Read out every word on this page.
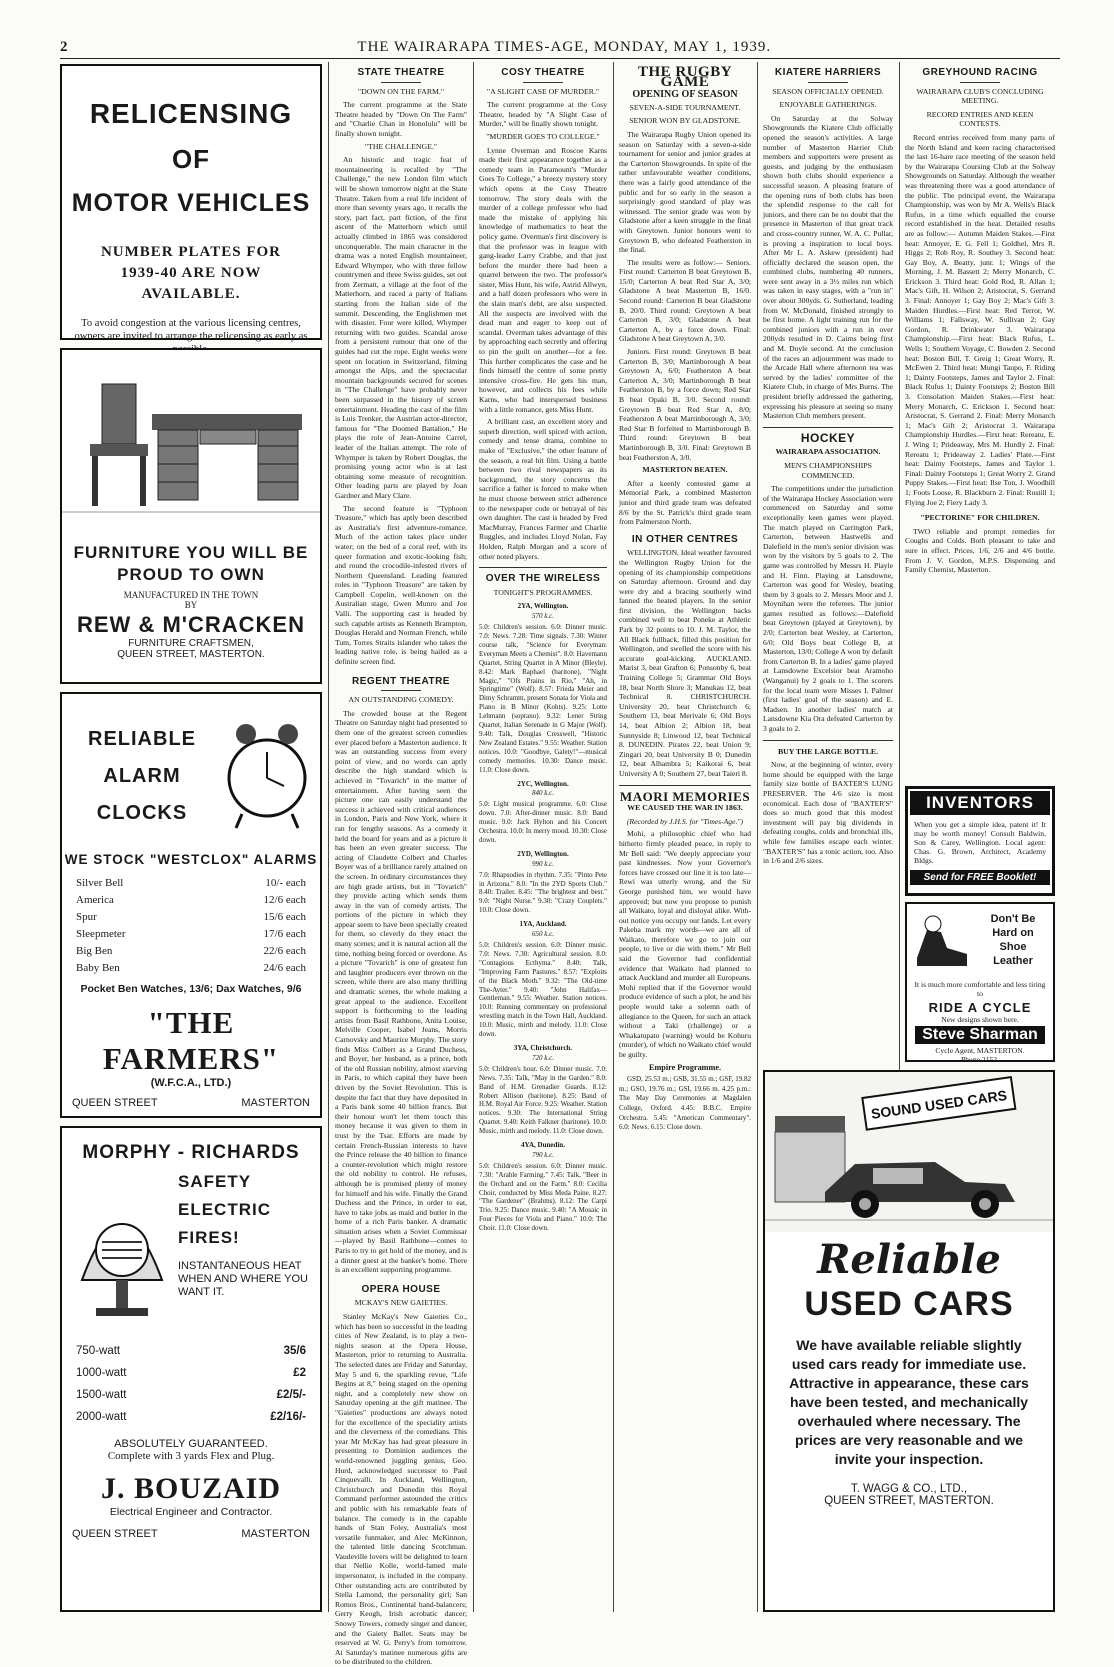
2	THE WAIRARAPA TIMES-AGE, MONDAY, MAY 1, 1939.
RELICENSING
OF
MOTOR VEHICLES
NUMBER PLATES FOR 1939-40 ARE NOW AVAILABLE.
To avoid congestion at the various licensing centres, owners are invited to arrange the relicensing as early as
FURNITURE YOU WILL BE PROUD TO OWN
MANUFACTURED IN THE TOWN
BY
REW & M'CRACKEN
FURNITURE CRAFTSMEN,
QUEEN STREET, MASTERTON.
RELIABLE
ALARM
CLOCKS
WE STOCK "WESTCLOX" ALARMS
Silver Bell	10/- each
America	12/6 each
Spur	15/6 each
Sleepmeter	17/6 each
Big Ben	22/6 each
Baby Ben	24/6 each
Pocket Ben Watches, 13/6; Dax Watches, 9/6
"THE FARMERS"
(W.F.C.A., LTD.)
QUEEN STREET	MASTERTON
MORPHY - RICHARDS
SAFETY
ELECTRIC
FIRES!
INSTANTANEOUS HEAT WHEN AND WHERE YOU WANT IT.
750-watt	35/6
1000-watt	£2
1500-watt	£2/5/-
2000-watt	£2/16/-
ABSOLUTELY GUARANTEED.
Complete with 3 yards Flex and Plug.
J. BOUZAID
Electrical Engineer and Contractor.
QUEEN STREET	MASTERTON
STATE THEATRE
"DOWN ON THE FARM."

The current programme at the State Theatre headed by "Down On The Farm" and "Charlie Chan in Honolulu" will be finally shown tonight.

"THE CHALLENGE."

An historic and tragic feat of mountaineering is recalled by "The Challenge," the new London film which will be shown tomorrow night at the State Theatre. Taken from a real life incident of more than seventy years ago, it recalls the story, part fact, part fiction, of the first ascent of the Matterhorn which until actually climbed in 1865 was considered unconquerable. The main character in the drama was a noted English mountaineer, Edward Whymper, who with three fellow countrymen and three Swiss guides, set out from Zermatt, a village at the foot of the Matterhorn, and raced a party of Italians starting from the Italian side of the summit. Descending, the Englishmen met with disaster. Four were killed, Whymper returning with two guides. Scandal arose from a persistent rumour that one of the guides had cut the rope. Eight weeks were spent on location in Switzerland, filming amongst the Alps, and the spectacular mountain backgrounds secured for scenes in "The Challenge" have probably never been surpassed in the history of screen entertainment. Heading the cast of the film is Luis Trenker, the Austrian actor-director, famous for "The Doomed Battalion." He plays the role of Jean-Antoine Carrel, leader of the Italian attempt. The role of Whymper is taken by Robert Douglas, the promising young actor who is at last obtaining some measure of recognition. Other leading parts are played by Joan Gardner and Mary Clare.

The second feature is "Typhoon Treasure," which has aptly been described as Australia's first adventure-romance. Much of the action takes place under water; on the bed of a coral reef, with its queer formation and exotic-looking fish; and round the crocodile-infested rivers of Northern Queensland. Leading featured roles in "Typhoon Treasure" are taken by Campbell Copelin, well-known on the Australian stage, Gwen Munro and Joe Valli. The supporting cast is headed by such capable artists as Kenneth Brampton, Douglas Herald and Norman French, while Tum, Torres Straits islander who takes the leading native role, is being hailed as a definite screen find.

REGENT THEATRE
AN OUTSTANDING COMEDY.

The crowded house at the Regent Theatre on Saturday night had presented to them one of the greatest screen comedies ever placed before a Masterton audience. It was an outstanding success from every point of view, and no words can aptly describe the high standard which is achieved in "Tovarich" in the matter of entertainment. After having seen the picture one can easily understand the success it achieved with critical audiences in London, Paris and New York, where it ran for lengthy seasons. As a comedy it held the board for years and as a picture it has been an even greater success. The acting of Claudette Colbert and Charles Boyer was of a brilliance rarely attained on the screen. In ordinary circumstances they are high grade artists, but in "Tovarich" they provide acting which sends them away in the van of comedy artists. The portions of the picture in which they appear seem to have been specially created for them, so cleverly do they enact the many scenes; and it is natural action all the time, nothing being forced or overdone. As a picture "Tovarich" is one of greatest fun and laughter producers ever thrown on the screen, while there are also many thrilling and dramatic scenes, the whole making a great appeal to the audience. Excellent support is forthcoming to the leading artists from Basil Rathbone, Anita Louise, Melville Cooper, Isabel Jeans, Morris Carnovsky and Maurice Murphy. The story finds Miss Colbert as a Grand Duchess, and Boyer, her husband, as a prince, both of the old Russian nobility, almost starving in Paris, to which capital they have been driven by the Soviet Revolution. This is despite the fact that they have deposited in a Paris bank some 40 billion francs. But their honour won't let them touch this money because it was given to them in trust by the Tsar. Efforts are made by certain French-Russian interests to have the Prince release the 40 billion to finance a counter-revolution which might restore the old nobility to control. He refuses, although he is promised plenty of money for himself and his wife. Finally the Grand Duchess and the Prince, in order to eat, have to take jobs as maid and butler in the home of a rich Paris banker. A dramatic situation arises when a Soviet Commissar—played by Basil Rathbone—comes to Paris to try to get hold of the money, and is a dinner guest at the banker's home. There is an excellent supporting programme.

OPERA HOUSE
MCKAY'S NEW GAIETIES.

Stanley McKay's New Gaieties Co., which has been so successful in the leading cities of New Zealand, is to play a two-nights season at the Opera House, Masterton, prior to returning to Australia. The selected dates are Friday and Saturday, May 5 and 6, the sparkling revue, "Life Begins at 8," being staged on the opening night, and a completely new show on Saturday opening at the gift matinee. The "Gaieties" productions are always noted for the excellence of the speciality artists and the cleverness of the comedians. This year Mr McKay has had great pleasure in presenting to Dominion audiences the world-renowned juggling genius, Geo. Hurd, acknowledged successor to Paul Cinquevalli. In Auckland, Wellington, Christchurch and Dunedin this Royal Command performer astounded the critics and public with his remarkable feats of balance. The comedy is in the capable hands of Stan Foley, Australia's most versatile funmaker, and Alec McKinnon, the talented little dancing Scotchman. Vaudeville lovers will be delighted to learn that Nellie Kolle, world-famed male impersonator, is included in the company. Other outstanding acts are contributed by Stella Lamond, the personality girl; San Romos Bros., Continental hand-balancers; Gerry Keogh, Irish acrobatic dancer; Snowy Towers, comedy singer and dancer, and the Gaiety Ballet. Seats may be reserved at W. G. Perry's from tomorrow. At Saturday's matinee numerous gifts are to be distributed to the children.

COSY THEATRE
"A SLIGHT CASE OF MURDER."

The current programme at the Cosy Theatre, headed by "A Slight Case of Murder," will be finally shown tonight.

"MURDER GOES TO COLLEGE."

Lynne Overman and Roscoe Karns made their first appearance together as a comedy team in Paramount's "Murder Goes To College," a breezy mystery story which opens at the Cosy Theatre tomorrow. The story deals with the murder of a college professor who had made the mistake of applying his knowledge of mathematics to beat the policy game. Overman's first discovery is that the professor was in league with gang-leader Larry Crabbe, and that just before the murder there had been a quarrel between the two. The professor's sister, Miss Hunt, his wife, Astrid Allwyn, and a half dozen professors who were in the slain man's debt, are also suspected. All the suspects are involved with the dead man and eager to keep out of scandal. Overman takes advantage of this by approaching each secretly and offering to pin the guilt on another—for a fee. This further complicates the case and he finds himself the centre of some pretty intensive cross-fire. He gets his man, however, and collects his fees while Karns, who had interspersed business with a little romance, gets Miss Hunt.

A brilliant cast, an excellent story and superb direction, well spiced with action, comedy and tense drama, combine to make of "Exclusive," the other feature of the season, a real hit film. Using a battle between two rival newspapers as its background, the story concerns the sacrifice a father is forced to make when he must choose between strict adherence to the newspaper code or betrayal of his own daughter. The cast is headed by Fred MacMurray, Frances Farmer and Charlie Ruggles, and includes Lloyd Nolan, Fay Holden, Ralph Morgan and a score of other noted players.

OVER THE WIRELESS
TONIGHT'S PROGRAMMES.
2YA, Wellington.
570 k.c.
5.0: Children's session. 6.0: Dinner music. 7.0: News. 7.28: Time signals. 7.30: Winter course talk, "Science for Everyman: Everyman Meets a Chemist". 8.0: Havemann Quartet, String Quartet in A Minor (Bleyle). 8.42: Mark Raphael (baritone), "Night Magic," "Ofs Prains in Rio," "Ah, in Springtime" (Wolf). 8.57: Frieda Meier and Dimy Schramm, present Sonata for Viola and Piano in B Minor (Kohts). 9.25: Lotte Lehmann (soprano). 9.32: Lener String Quartet, Italian Serenade in G Major (Wolf). 9.40: Talk, Douglas Cresswell, "Historic New Zealand Estates." 9.55: Weather. Station notices. 10.0: "Goodbye, Galety!"—musical comedy memories. 10.30: Dance music. 11.0: Close down.
2YC, Wellington.
840 k.c.
5.0: Light musical programme. 6.0: Close down. 7.0: After-dinner music. 8.0: Band music. 9.0: Jack Hylton and his Concert Orchestra. 10.0: In merry mood. 10.30: Close down.
2YD, Wellington.
990 k.c.
7.0: Rhapsodies in rhythm. 7.35: "Pinto Pete in Arizona." 8.0: "In the 2YD Sports Club." 8.40: Trailer. 8.45: "The brightest and best." 9.0: "Night Nurse." 9.30: "Crazy Couplets." 10.0: Close down.
1YA, Auckland.
650 k.c.
5.0: Children's session. 6.0: Dinner music. 7.0: News. 7.30: Agricultural session. 8.0: "Contagious Ecthyma." 8.40: Talk, "Improving Farm Pastures." 8.57: "Exploits of the Black Moth." 9.32: "The Old-time The-Ayter." 9.40: "John Halifax—Gentleman." 9.55: Weather. Station notices. 10.0: Running commentary on professional wrestling match in the Town Hall, Auckland. 10.0: Music, mirth and melody. 11.0: Close down.
3YA, Christchurch.
720 k.c.
5.0: Children's hour. 6.0: Dinner music. 7.0: News. 7.35: Talk, "May in the Garden." 8.0: Band of H.M. Grenadier Guards. 8.12: Robert Allison (baritone). 8.25: Band of H.M. Royal Air Force. 9.25: Weather. Station notices. 9.30: The International String Quartet. 9.40: Keith Falkner (baritone). 10.0: Music, mirth and melody. 11.0: Close down.
4YA, Dunedin.
790 k.c.
5.0: Children's session. 6.0: Dinner music. 7.30: "Arable Farming." 7.45: Talk, "Beer in the Orchard and on the Farm." 8.0: Cecilia Choir, conducted by Miss Meda Paine. 8.27: "The Gardener" (Brahms). 8.12: The Carpi Trio. 9.25: Dance music. 9.40: "A Mosaic in Four Pieces for Viola and Piano." 10.0: The Choir. 11.0: Close down.
THE RUGBY GAME
OPENING OF SEASON
SEVEN-A-SIDE TOURNAMENT.
SENIOR WON BY GLADSTONE.

The Wairarapa Rugby Union opened its season on Saturday with a seven-a-side tournament for senior and junior grades at the Carterton Showgrounds. In spite of the rather unfavourable weather conditions, there was a fairly good attendance of the public and for so early in the season a surprisingly good standard of play was witnessed. The senior grade was won by Gladstone after a keen struggle in the final with Greytown. Junior honours went to Greytown B, who defeated Featherston in the final.

The results were as follow:— Seniors. First round: Carterton B beat Greytown B, 15/0; Carterton A beat Red Star A, 3/0; Gladstone A beat Masterton B, 16/0. Second round: Carterton B beat Gladstone B, 20/0. Third round: Greytown A beat Carterton B, 3/0; Gladstone A beat Carterton A, by a force down. Final: Gladstone A beat Greytown A, 3/0.

Juniors. First round: Greytown B beat Carterton B, 3/0; Martinborough A beat Greytown A, 6/0; Featherston A beat Carterton A, 3/0; Martinborough B beat Featherston B, by a force down; Red Star B beat Opaki B, 3/0. Second round: Greytown B beat Red Star A, 8/0; Featherston A beat Martinborough A, 3/0; Red Star B forfeited to Martinborough B. Third round: Greytown B beat Martinborough B, 3/0. Final: Greytown B beat Featherston A, 3/0.

MASTERTON BEATEN.

After a keenly contested game at Memorial Park, a combined Masterton junior and third grade team was defeated 8/6 by the St. Patrick's third grade team from Palmerston North.

IN OTHER CENTRES

WELLINGTON. Ideal weather favoured the Wellington Rugby Union for the opening of its championship competitions on Saturday afternoon. Ground and day were dry and a bracing southerly wind fanned the heated players. In the senior first division, the Wellington backs combined well to beat Poneke at Athletic Park by 32 points to 10. J. M. Taylor, the All Black fullback, filled this position for Wellington, and swelled the score with his accurate goal-kicking. AUCKLAND. Marist 3, beat Grafton 6; Ponsonby 6, beat Training College 5; Grammar Old Boys 18, beat North Shore 3; Manukau 12, beat Technical 8. CHRISTCHURCH. University 20, beat Christchurch 6; Southern 13, beat Merivale 6; Old Boys 14, beat Albion 2; Albion 18, beat Sunnyside 8; Linwood 12, beat Technical 8. DUNEDIN. Pirates 22, beat Union 9; Zingari 20, beat University B 0; Dunedin 12, beat Alhambra 5; Kaikorai 6, beat University A 0; Southern 27, beat Taieri 8.

MAORI MEMORIES
WE CAUSED THE WAR IN 1863.
(Recorded by J.H.S. for "Times-Age.")

Mohi, a philosophic chief who had hitherto firmly pleaded peace, in reply to Mr Bell said: "We deeply appreciate your past kindnesses. Now your Governor's forces have crossed our line it is too late—Rewi was utterly wrong, and the Sir George punished him, we would have approved; but now you propose to punish all Waikato, loyal and disloyal alike. With-out notice you occupy our lands. Let every Pakeha mark my words—we are all of Waikato, therefore we go to join our people, to live or die with them." Mr Bell said the Governor had confidential evidence that Waikato had planned to attack Auckland and murder all Europeans. Mohi replied that if the Governor would produce evidence of such a plot, he and his people would take a solemn oath of allegiance to the Queen, for such an attack without a Taki (challenge) or a Whakatupato (warning) would be Kohuru (murder), of which no Waikato chief would be guilty.

Empire Programme.

GSD, 25.53 m.; GSB, 31.55 m.; GSF, 19.82 m.; GSO, 19.76 m.; GSI, 19.66 m. 4.25 p.m.: The May Day Ceremonies at Magdalen College, Oxford. 4.45: B.B.C. Empire Orchestra. 5.45: "American Commentary". 6.0: News. 6.15: Close down.

KIATERE HARRIERS
SEASON OFFICIALLY OPENED.
ENJOYABLE GATHERINGS.

On Saturday at the Solway Showgrounds the Kiatere Club officially opened the season's activities. A large number of Masterton Harrier Club members and supporters were present as guests, and judging by the enthusiasm shown both clubs should experience a successful season. A pleasing feature of the opening runs of both clubs has been the splendid response to the call for juniors, and there can be no doubt that the presence in Masterton of that great track and cross-country runner, W. A. C. Pullar, is proving a inspiration to local boys. After Mr L. A. Askew (president) had officially declared the season open, the combined clubs, numbering 40 runners, were sent away in a 3½ miles run which was taken in easy stages, with a "run in" over about 300yds. G. Sutherland, leading from W. McDonald, finished strongly to be first home. A light training run for the combined juniors with a run in over 200yds resulted in D. Cairns being first and M. Doyle second. At the conclusion of the races an adjournment was made to the Arcade Hall where afternoon tea was served by the ladies' committee of the Kiatere Club, in charge of Mrs Burns. The president briefly addressed the gathering, expressing his pleasure at seeing so many Masterton Club members present.

HOCKEY
WAIRARAPA ASSOCIATION.
MEN'S CHAMPIONSHIPS COMMENCED.

The competitions under the jurisdiction of the Wairarapa Hockey Association were commenced on Saturday and some exceptionally keen games were played. The match played on Carrington Park, Carterton, between Hastwells and Dalefield in the men's senior division was won by the visitors by 5 goals to 2. The game was controlled by Messrs H. Playle and H. Finn. Playing at Lansdowne, Carterton was good for Wesley, beating them by 3 goals to 2. Messrs Moor and J. Moynihan were the referees. The junior games resulted as follows:—Dalefield beat Greytown (played at Greytown), by 2/0; Carterton beat Wesley, at Carterton, 6/0; Old Boys beat College B, at Masterton, 13/0; College A won by default from Carterton B. In a ladies' game played at Lansdowne Excelsior beat Aramoho (Wanganui) by 2 goals to 1. The scorers for the local team were Misses I. Palmer (first ladies' goal of the season) and E. Madsen. In another ladies' match at Lansdowne Kia Ora defeated Carterton by 3 goals to 2.

BUY THE LARGE BOTTLE.

Now, at the beginning of winter, every home should be equipped with the large family size bottle of BAXTER'S LUNG PRESERVER. The 4/6 size is most economical. Each dose of "BAXTER'S" does so much good that this modest investment will pay big dividends in defeating coughs, colds and bronchial ills, while few families escape each winter. "BAXTER'S" has a tonic action, too. Also in 1/6 and 2/6 sizes.

GREYHOUND RACING
WAIRARAPA CLUB'S CONCLUDING MEETING.
RECORD ENTRIES AND KEEN CONTESTS.

Record entries received from many parts of the North Island and keen racing characterised the last 16-hare race meeting of the season held by the Wairarapa Coursing Club at the Solway Showgrounds on Saturday. Although the weather was threatening there was a good attendance of the public. The principal event, the Wairarapa Championship, was won by Mr A. Wells's Black Rufus, in a time which equalled the course record established in the heat. Detailed results are as follow:— Autumn Maiden Stakes.—First heat: Annoyer, E. G. Fell 1; Goldhel, Mrs R. Higgs 2; Rob Roy, R. Southey 3. Second heat: Gay Boy, A. Beatty, junr. 1; Wings of the Morning, J. M. Bassett 2; Merry Monarch, C. Erickson 3. Third heat: Gold Rod, R. Allan 1; Mac's Gift, H. Wilson 2; Aristocrat, S. Gerrand 3. Final: Annoyer 1; Gay Boy 2; Mac's Gift 3. Maiden Hurdles.—First heat: Red Terror, W. Williams 1; Fallsway, W. Sullivan 2; Gay Gordon, R. Drinkwater 3. Wairarapa Championship.—First heat: Black Rufus, L. Wells 1; Southern Voyage, C. Bowden 2. Second heat: Boston Bill, T. Greig 1; Great Worry, R. McEwen 2. Third heat: Mungi Taupo, F. Riding 1; Dainty Footsteps, James and Taylor 2. Final: Black Rufus 1; Dainty Footsteps 2; Boston Bill 3. Consolation Maiden Stakes.—First heat: Merry Monarch, C. Erickson 1. Second heat: Aristocrat, S. Gerrand 2. Final: Merry Monarch 1; Mac's Gift 2; Aristocrat 3. Wairarapa Championship Hurdles.—First heat: Rereatu, E. J. Wing 1; Prideaway, Mrs M. Hurdly 2. Final: Rereatu 1; Prideaway 2. Ladies' Plate.—First heat: Dainty Footsteps, James and Taylor 1. Final: Dainty Footsteps 1; Great Worry 2. Grand Puppy Stakes.—First heat: Ilse Ton, J. Woodhill 1; Foots Loose, R. Blackburn 2. Final: Rustill 1; Flying Joe 2; Fiery Lady 3.

"PECTORINE" FOR CHILDREN.

TWO reliable and prompt remedies for Coughs and Colds. Both pleasant to take and sure in effect. Prices, 1/6, 2/6 and 4/6 bottle. From J. V. Gordon, M.P.S. Dispensing and Family Chemist, Masterton.

INVENTORS
When you get a simple idea, patent it! It may be worth money! Consult Baldwin, Son & Carey, Wellington. Local agent: Chas. G. Brown, Architect, Academy Bldgs.
Send for FREE Booklet!
Don't Be
Hard on
Shoe
Leather
It is much more comfortable and less tiring to
RIDE A CYCLE
New designs shown here.
Steve Sharman
Cycle Agent, MASTERTON.
Phone 2152.
SOUND USED CARS
Reliable
USED CARS
We have available reliable slightly used cars ready for immediate use. Attractive in appearance, these cars have been tested, and mechanically overhauled where necessary. The prices are very reasonable and we invite your inspection.
T. WAGG & CO., LTD.,
QUEEN STREET, MASTERTON.
